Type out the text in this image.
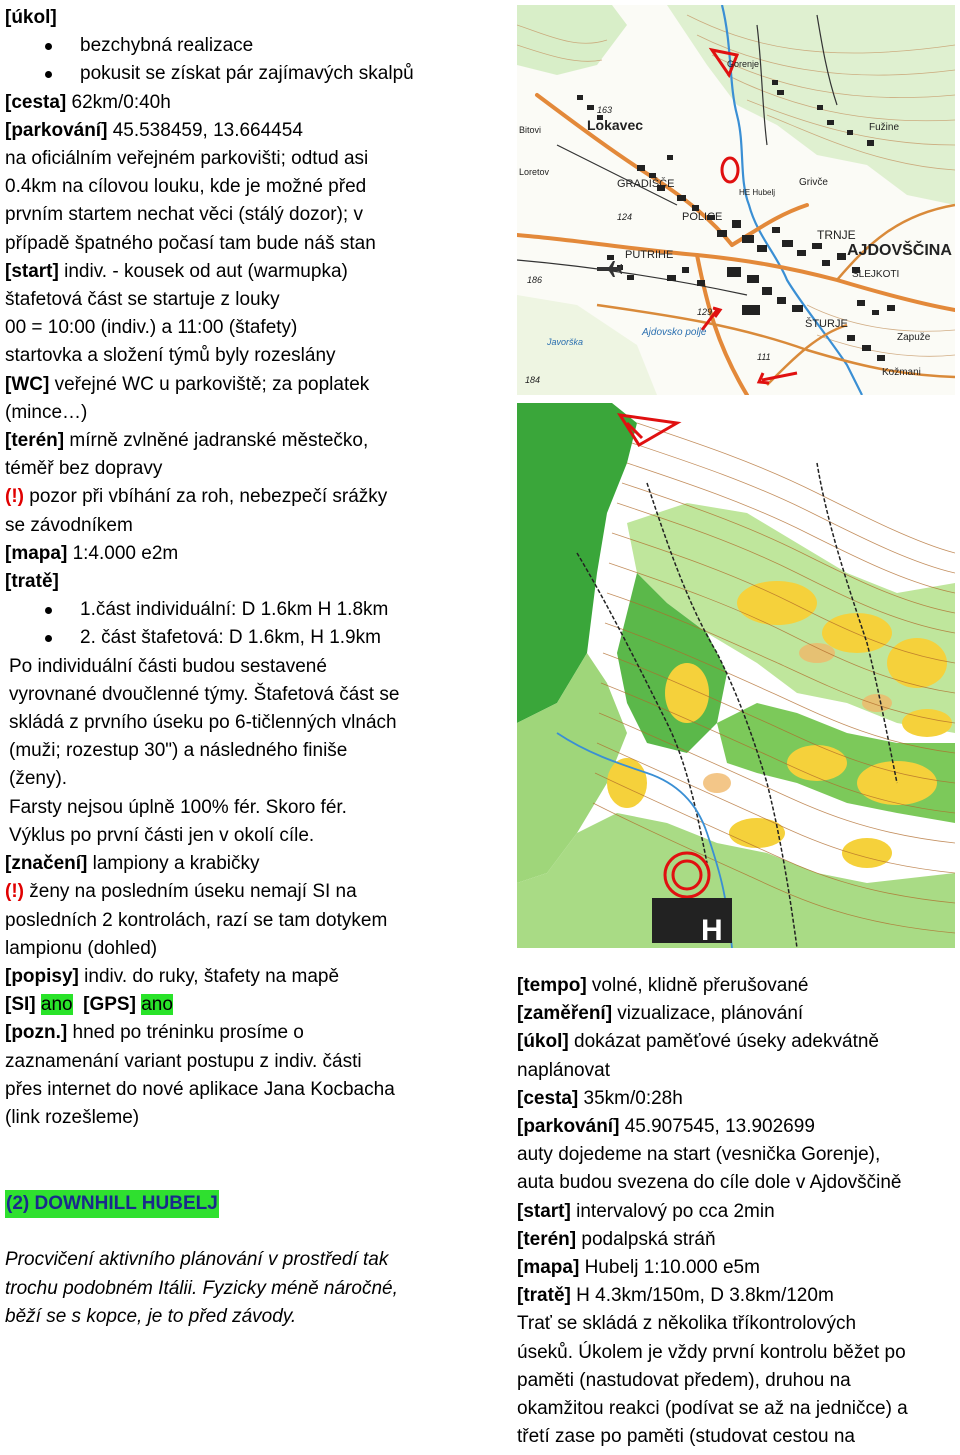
[úkol]
bezchybná realizace
pokusit se získat pár zajímavých skalpů
[cesta] 62km/0:40h
[parkování] 45.538459, 13.664454
na oficiálním veřejném parkovišti; odtud asi
0.4km na cílovou louku, kde je možné před
prvním startem nechat věci (stálý dozor); v
případě špatného počasí tam bude náš stan
[start] indiv. - kousek od aut (warmupka)
štafetová část se startuje z louky
00 = 10:00 (indiv.) a 11:00 (štafety)
startovka a složení týmů byly rozeslány
[WC] veřejné WC u parkoviště; za poplatek
(mince…)
[terén] mírně zvlněné jadranské městečko,
téměř bez dopravy
(!) pozor při vbíhání za roh, nebezpečí srážky
se závodníkem
[mapa] 1:4.000 e2m
[tratě]
1.část individuální: D 1.6km H 1.8km
2. část štafetová: D 1.6km, H 1.9km
Po individuální části budou sestavené
vyrovnané dvoučlenné týmy. Štafetová část se
skládá z prvního úseku po 6-tičlenných vlnách
(muži; rozestup 30") a následného finiše
(ženy).
Farsty nejsou úplně 100% fér. Skoro fér.
Výklus po první části jen v okolí cíle.
[značení] lampiony a krabičky
(!) ženy na posledním úseku nemají SI na
posledních 2 kontrolách, razí se tam dotykem
lampionu (dohled)
[popisy] indiv. do ruky, štafety na mapě
[SI] ano [GPS] ano
[pozn.] hned po tréninku prosíme o
zaznamenání variant postupu z indiv. části
přes internet do nové aplikace Jana Kocbacha
(link rozešleme)
(2) DOWNHILL HUBELJ
Procvičení aktivního plánování v prostředí tak
trochu podobném Itálii. Fyzicky méně náročné,
běží se s kopce, je to před závody.
Gorenje
Lokavec
GRADIŠČE
POLICE
PUTRIHE
TRNJE
AJDOVŠČINA
SLEJKOTI
ŠTURJE
Zapuže
Kožmani
Fužine
Grivče
Bitovi
Loretov
HE Hubelj
Ajdovsko polje
124
163
186
184
129
111
Javorška
H
[tempo] volné, klidně přerušované
[zaměření] vizualizace, plánování
[úkol] dokázat paměťové úseky adekvátně
naplánovat
[cesta] 35km/0:28h
[parkování] 45.907545, 13.902699
auty dojedeme na start (vesnička Gorenje),
auta budou svezena do cíle dole v Ajdovščině
[start] intervalový po cca 2min
[terén] podalpská stráň
[mapa] Hubelj 1:10.000 e5m
[tratě] H 4.3km/150m, D 3.8km/120m
Trať se skládá z několika tříkontrolových
úseků. Úkolem je vždy první kontrolu běžet po
paměti (nastudovat předem), druhou na
okamžitou reakci (podívat se až na jedničce) a
třetí zase po paměti (studovat cestou na
